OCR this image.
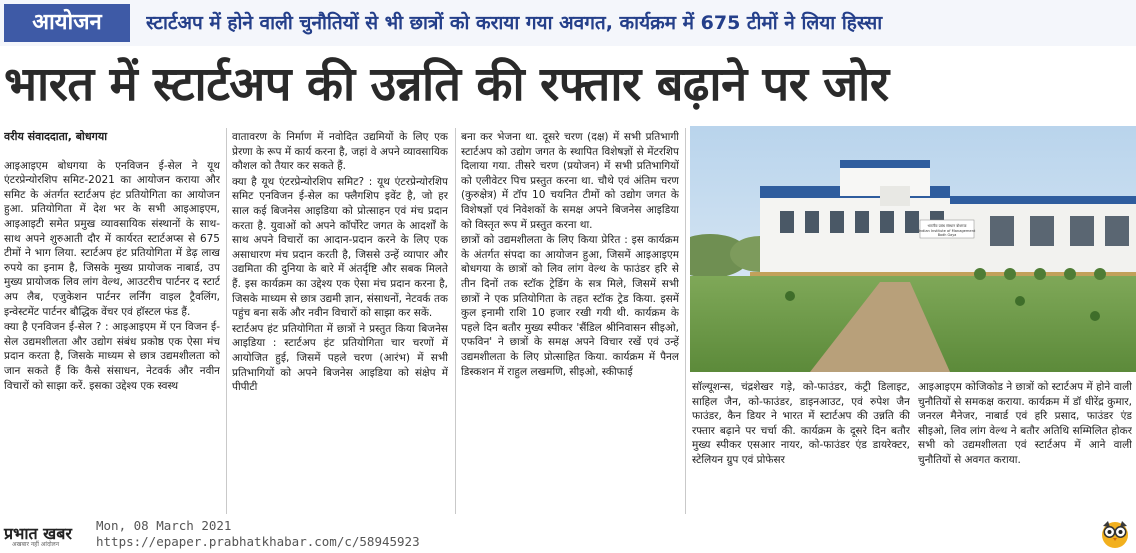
आयोजन	स्टार्टअप में होने वाली चुनौतियों से भी छात्रों को कराया गया अवगत, कार्यक्रम में 675 टीमों ने लिया हिस्सा
भारत में स्टार्टअप की उन्नति की रफ्तार बढ़ाने पर जोर
वरीय संवाददाता, बोधगया

आइआइएम बोधगया के एनविजन ई-सेल ने यूथ एंटरप्रेन्योरशिप समिट-2021 का आयोजन कराया और समिट के अंतर्गत स्टार्टअप हंट प्रतियोगिता का आयोजन हुआ. प्रतियोगिता में देश भर के सभी आइआइएम, आइआइटी समेत प्रमुख व्यावसायिक संस्थानों के साथ-साथ अपने शुरुआती दौर में कार्यरत स्टार्टअप्स से 675 टीमों ने भाग लिया. स्टार्टअप हंट प्रतियोगिता में डेढ़ लाख रुपये का इनाम है, जिसके मुख्य प्रायोजक नाबार्ड, उप मुख्य प्रायोजक लिव लांग वेल्थ, आउटरीच पार्टनर द स्टार्ट अप लैब, एजुकेशन पार्टनर लर्निंग वाइल ट्रैवलिंग, इन्वेस्टमेंट पार्टनर बौद्धिक वेंचर एवं हॉस्टल फंड हैं.

क्या है एनविजन ई-सेल ? : आइआइएम में एन विजन ई-सेल उद्यमशीलता और उद्योग संबंध प्रकोष्ठ एक ऐसा मंच प्रदान करता है, जिसके माध्यम से छात्र उद्यमशीलता को जान सकते हैं कि कैसे संसाधन, नेटवर्क और नवीन विचारों को साझा करें. इसका उद्देश्य एक स्वस्थ

वातावरण के निर्माण में नवोदित उद्यमियों के लिए एक प्रेरणा के रूप में कार्य करना है, जहां वे अपने व्यावसायिक कौशल को तैयार कर सकते हैं.

क्या है यूथ एंटरप्रेन्योरशिप समिट? : यूथ एंटरप्रेन्योरशिप समिट एनविजन ई-सेल का फ्लैगशिप इवेंट है, जो हर साल कई बिजनेस आइडिया को प्रोत्साहन एवं मंच प्रदान करता है. युवाओं को अपने कॉर्पोरेट जगत के आदर्शों के साथ अपने विचारों का आदान-प्रदान करने के लिए एक असाधारण मंच प्रदान करती है, जिससे उन्हें व्यापार और उद्यमिता की दुनिया के बारे में अंतर्दृष्टि और सबक मिलते हैं. इस कार्यक्रम का उद्देश्य एक ऐसा मंच प्रदान करना है, जिसके माध्यम से छात्र उद्यमी ज्ञान, संसाधनों, नेटवर्क तक पहुंच बना सकें और नवीन विचारों को साझा कर सकें.

स्टार्टअप हंट प्रतियोगिता में छात्रों ने प्रस्तुत किया बिजनेस आइडिया : स्टार्टअप हंट प्रतियोगिता चार चरणों में आयोजित हुई, जिसमें पहले चरण (आरंभ) में सभी प्रतिभागियों को अपने बिजनेस आइडिया को संक्षेप में पीपीटी

बना कर भेजना था. दूसरे चरण (दक्ष) में सभी प्रतिभागी स्टार्टअप को उद्योग जगत के स्थापित विशेषज्ञों से मेंटरशिप दिलाया गया. तीसरे चरण (प्रयोजन) में सभी प्रतिभागियों को एलीवेटर पिच प्रस्तुत करना था. चौथे एवं अंतिम चरण (कुरुक्षेत्र) में टॉप 10 चयनित टीमों को उद्योग जगत के विशेषज्ञों एवं निवेशकों के समक्ष अपने बिजनेस आइडिया को विस्तृत रूप में प्रस्तुत करना था.

छात्रों को उद्यमशीलता के लिए किया प्रेरित : इस कार्यक्रम के अंतर्गत संपदा का आयोजन हुआ, जिसमें आइआइएम बोधगया के छात्रों को लिव लांग वेल्थ के फाउंडर हरि से तीन दिनों तक स्टॉक ट्रेडिंग के सत्र मिले, जिसमें सभी छात्रों ने एक प्रतियोगिता के तहत स्टॉक ट्रेड किया. इसमें कुल इनामी राशि 10 हजार रखी गयी थी. कार्यक्रम के पहले दिन बतौर मुख्य स्पीकर 'सैंडिल श्रीनिवासन सीइओ, एफविन' ने छात्रों के समक्ष अपने विचार रखें एवं उन्हें उद्यमशीलता के लिए प्रोत्साहित किया. कार्यक्रम में पैनल डिस्कशन में राहुल लखमणि, सीइओ, स्कीफाई

भारतीय प्रबंध संस्थान बोधगया
Indian Institute of Management
Bodh Gaya

सॉल्यूशन्स, चंद्रशेखर गड़े, को-फाउंडर, कंट्री डिलाइट, साहिल जैन, को-फाउंडर, डाइनआउट, एवं रुपेश जैन फाउंडर, कैन डियर ने भारत में स्टार्टअप की उन्नति की रफ्तार बढ़ाने पर चर्चा की. कार्यक्रम के दूसरे दिन बतौर मुख्य स्पीकर एसआर नायर, को-फाउंडर एंड डायरेक्टर, स्टेलियन ग्रुप एवं प्रोफेसर

आइआइएम कोजिकोड ने छात्रों को स्टार्टअप में होने वाली चुनौतियों से समकक्ष कराया. कार्यक्रम में डॉ धीरेंद्र कुमार, जनरल मैनेजर, नाबार्ड एवं हरि प्रसाद, फाउंडर एंड सीइओ, लिव लांग वेल्थ ने बतौर अतिथि सम्मिलित होकर सभी को उद्यमशीलता एवं स्टार्टअप में आने वाली चुनौतियों से अवगत कराया.

प्रभात खबर
अखबार नहीं आंदोलन
Mon, 08 March 2021
https://epaper.prabhatkhabar.com/c/58945923
